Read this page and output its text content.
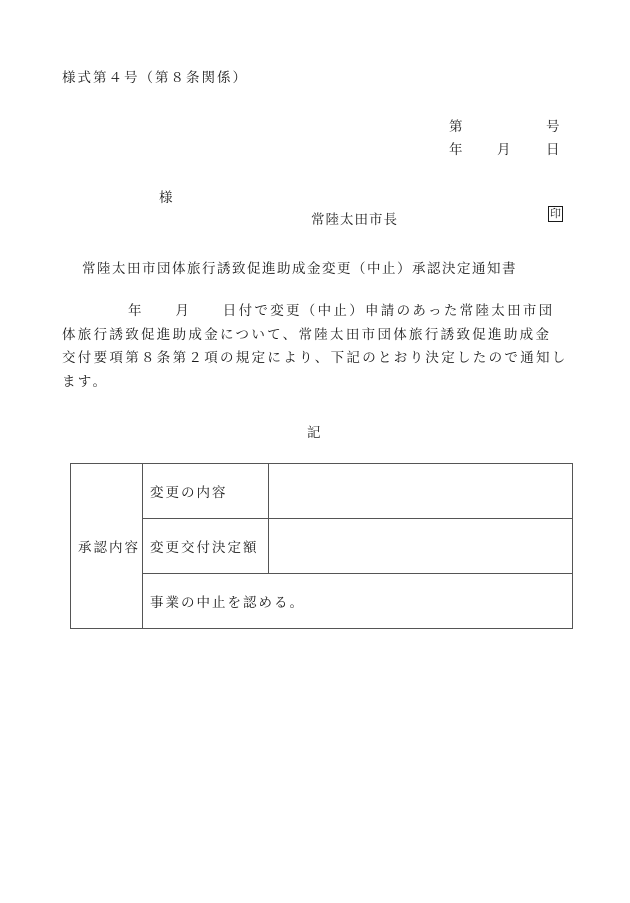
様式第４号（第８条関係）
第	号
年	月	日
様
常陸太田市長	印
常陸太田市団体旅行誘致促進助成金変更（中止）承認決定通知書
年　　月　　日付で変更（中止）申請のあった常陸太田市団
体旅行誘致促進助成金について、常陸太田市団体旅行誘致促進助成金
交付要項第８条第２項の規定により、下記のとおり決定したので通知し
ます。
記
承認内容	変更の内容	
	変更交付決定額	
	事業の中止を認める。	
